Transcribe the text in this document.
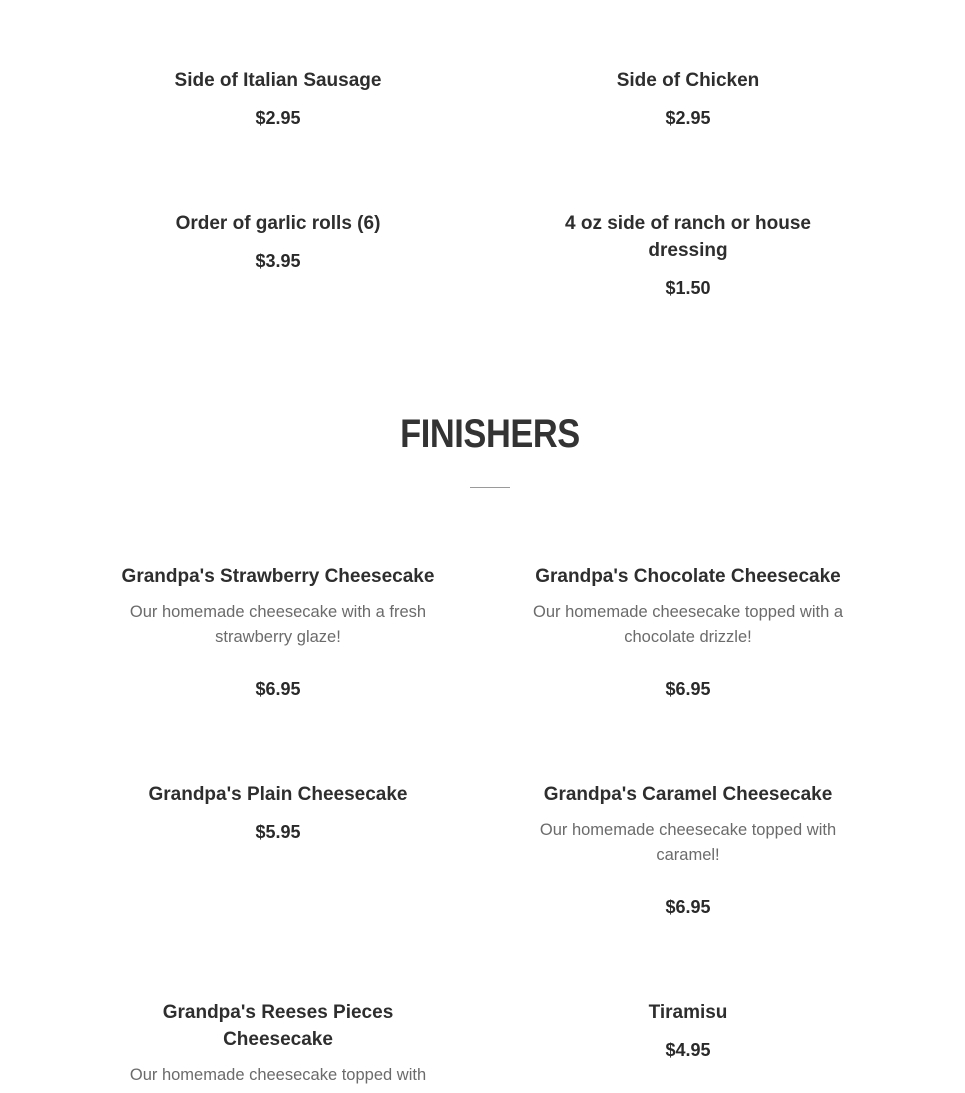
Side of Italian Sausage

$2.95

Side of Chicken

$2.95

Order of garlic rolls (6)

$3.95

4 oz side of ranch or house dressing

$1.50

FINISHERS
Grandpa's Strawberry Cheesecake

Our homemade cheesecake with a fresh strawberry glaze!

$6.95

Grandpa's Chocolate Cheesecake

Our homemade cheesecake topped with a chocolate drizzle!

$6.95

Grandpa's Plain Cheesecake

$5.95

Grandpa's Caramel Cheesecake

Our homemade cheesecake topped with caramel!

$6.95

Grandpa's Reeses Pieces Cheesecake

Our homemade cheesecake topped with

Tiramisu

$4.95
